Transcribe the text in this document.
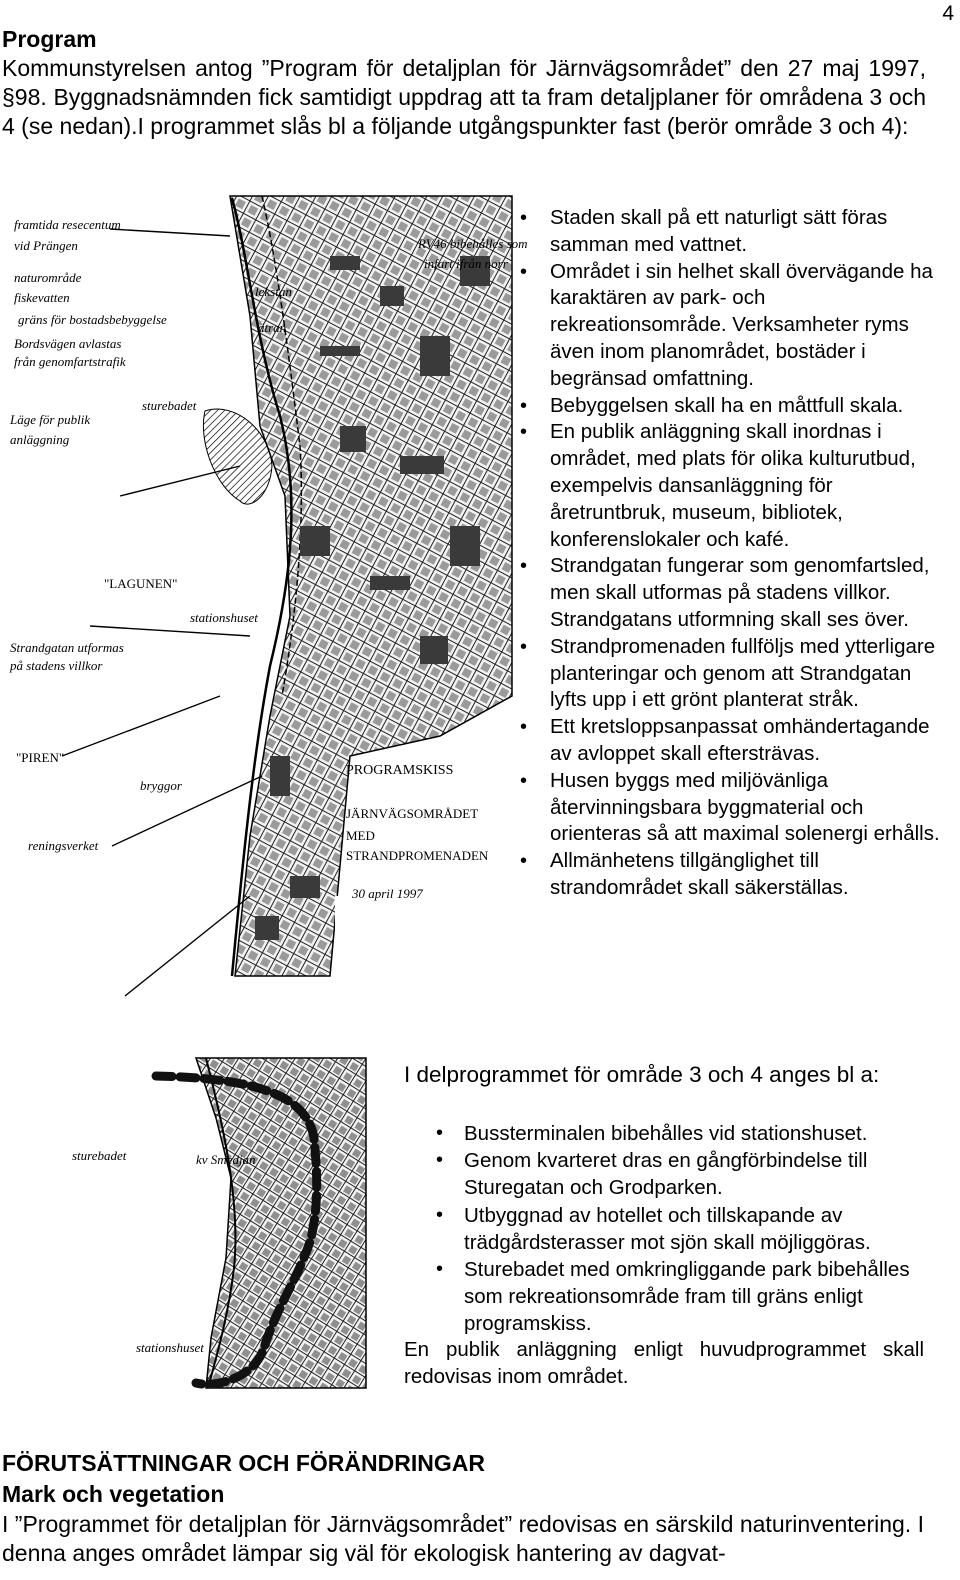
4
Program
Kommunstyrelsen antog ”Program för detaljplan för Järnvägsområdet” den 27 maj 1997, §98. Byggnadsnämnden fick samtidigt uppdrag att ta fram detaljplaner för områdena 3 och 4 (se nedan).I programmet slås bl a följande utgångspunkter fast (berör område 3 och 4):
framtida resecentum
vid Prängen
naturområde
fiskevatten
gräns för bostadsbebyggelse
Bordsvägen avlastas
från genomfartstrafik
lekstan
ätran
RV46 bibehålles som
infart ifrån norr
sturebadet
Läge för publik
anläggning
"LAGUNEN"
stationshuset
Strandgatan utformas
på stadens villkor
"PIREN"
bryggor
reningsverket
PROGRAMSKISS
JÄRNVÄGSOMRÅDET
MED
STRANDPROMENADEN
30 april 1997
• Staden skall på ett naturligt sätt föras samman med vattnet.
• Området i sin helhet skall övervägande ha karaktären av park- och rekreationsområde. Verksamheter ryms även inom planområdet, bostäder i begränsad omfattning.
• Bebyggelsen skall ha en måttfull skala.
• En publik anläggning skall inordnas i området, med plats för olika kulturutbud, exempelvis dansanläggning för åretruntbruk, museum, bibliotek, konferenslokaler och kafé.
• Strandgatan fungerar som genomfartsled, men skall utformas på stadens villkor. Strandgatans utformning skall ses över.
• Strandpromenaden fullföljs med ytterligare planteringar och genom att Strandgatan lyfts upp i ett grönt planterat stråk.
• Ett kretsloppsanpassat omhändertagande av avloppet skall eftersträvas.
• Husen byggs med miljövänliga återvinningsbara byggmaterial och orienteras så att maximal solenergi erhålls.
• Allmänhetens tillgänglighet till strandområdet skall säkerställas.
sturebadet	kv Smedjan
stationshuset
I delprogrammet för område 3 och 4 anges bl a:
• Bussterminalen bibehålles vid stationshuset.
• Genom kvarteret dras en gångförbindelse till Sturegatan och Grodparken.
• Utbyggnad av hotellet och tillskapande av trädgårdsterasser mot sjön skall möjliggöras.
• Sturebadet med omkringliggande park bibehålles som rekreationsområde fram till gräns enligt programskiss.
En publik anläggning enligt huvudprogrammet skall redovisas inom området.
FÖRUTSÄTTNINGAR OCH FÖRÄNDRINGAR
Mark och vegetation
I ”Programmet för detaljplan för Järnvägsområdet” redovisas en särskild naturinventering. I denna anges området lämpar sig väl för ekologisk hantering av dagvat-
